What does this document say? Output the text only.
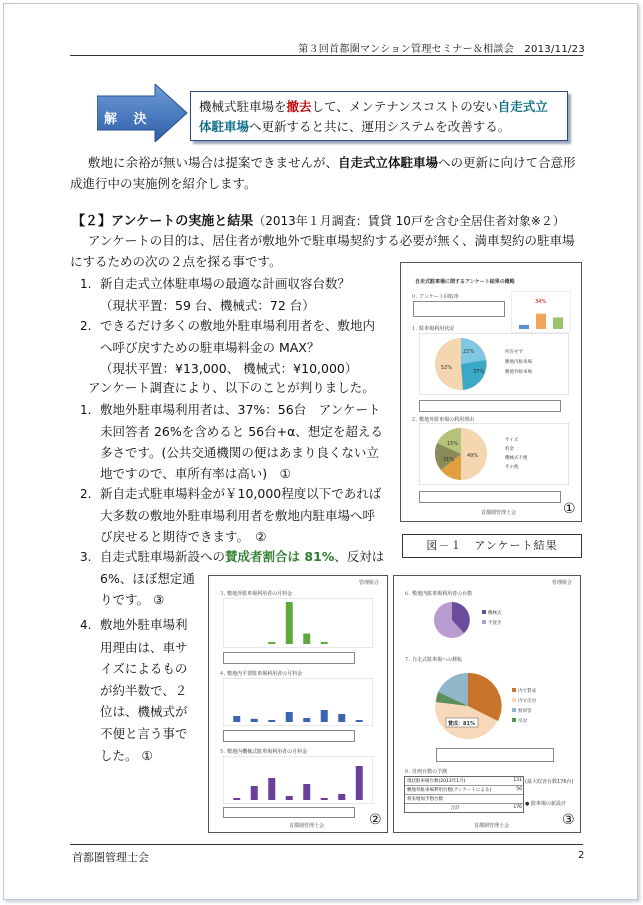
第３回首都圏マンション管理セミナー＆相談会　2013/11/23
解 決
機械式駐車場を撤去して、メンテナンスコストの安い自走式立
体駐車場へ更新すると共に、運用システムを改善する。
敷地に余裕が無い場合は提案できませんが、自走式立体駐車場への更新に向けて合意形
成進行中の実施例を紹介します。
【２】アンケートの実施と結果（2013年１月調査：賃貸 10戸を含む全居住者対象※２）
アンケートの目的は、居住者が敷地外で駐車場契約する必要が無く、満車契約の駐車場
にするための次の２点を探る事です。
1. 新自走式立体駐車場の最適な計画収容台数？
（現状平置：59 台、機械式：72 台）
2. できるだけ多くの敷地外駐車場利用者を、敷地内
へ呼び戻すための駐車場料金の MAX？
（現状平置：¥13,000、 機械式：¥10,000）
アンケート調査により、以下のことが判りました。
1. 敷地外駐車場利用者は、37%：56台　アンケート
未回答者 26%を含めると 56台+α、想定を超える
多さです。(公共交通機関の便はあまり良くない立
地ですので、車所有率は高い)　①
2. 新自走式駐車場料金が￥10,000程度以下であれば
大多数の敷地外駐車場利用者を敷地内駐車場へ呼
び戻せると期待できます。　②
3. 自走式駐車場新設への賛成者割合は 81%、反対は
6%、ほぼ想定通
りです。 ③
4. 敷地外駐車場利
用理由は、車サ
イズによるもの
が約半数で、２
位は、機械式が
不便と言う事で
した。 ①
自走式駐車場に関するアンケート結果の概略
０. アンケート回収率
34%
１. 駐車場利用状況
22%
37%
52%
所有せず
敷地内駐車場
敷地外駐車場
２. 敷地外駐車場の利用理由
49%
31%
15%
サイズ
料金
機械式不便
その他
首都圏管理士会	①
図－１　アンケート結果
管理組合
３. 敷地外駐車場利用者の月料金
４. 敷地内平置駐車場利用者の月料金
５. 敷地内機械式駐車場利用者の月料金
首都圏管理士会	②
管理組合
６. 敷地内駐車場利用者の台数
機械式
平置き
７. 自走式駐車場への移転
賛成：81%
内で賛成
内で反対
無回答
反対
８. 計画台数の予測
現状駐車場台数(2013年1月)	131
敷地外駐車場利用台数(アンケートによる)	56
将来増加予想台数
合計	176
(最大収容台数176台)
● 駐車場の新設計
首都圏管理士会	③
首都圏管理士会	2
